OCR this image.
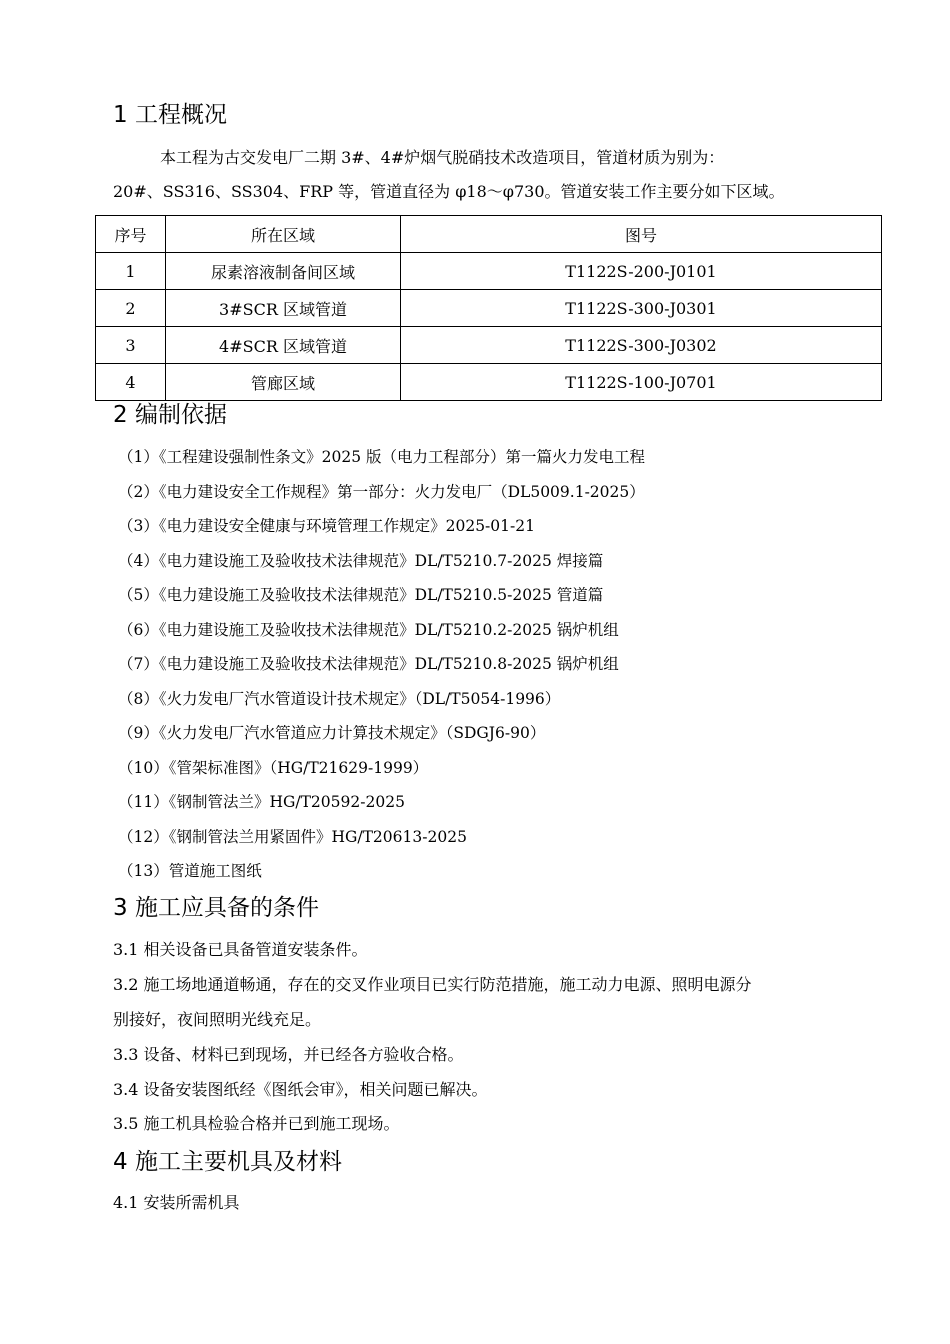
1 工程概况

本工程为古交发电厂二期 3#、4#炉烟气脱硝技术改造项目，管道材质为别为：

20#、SS316、SS304、FRP 等，管道直径为 φ18～φ730。管道安装工作主要分如下区域。

序号	所在区域	图号
1	尿素溶液制备间区域	T1122S-200-J0101
2	3#SCR 区域管道	T1122S-300-J0301
3	4#SCR 区域管道	T1122S-300-J0302
4	管廊区域	T1122S-100-J0701
2 编制依据
（1）《工程建设强制性条文》2025 版（电力工程部分）第一篇火力发电工程
（2）《电力建设安全工作规程》第一部分：火力发电厂（DL5009.1-2025）
（3）《电力建设安全健康与环境管理工作规定》2025-01-21
（4）《电力建设施工及验收技术法律规范》DL/T5210.7-2025 焊接篇
（5）《电力建设施工及验收技术法律规范》DL/T5210.5-2025 管道篇
（6）《电力建设施工及验收技术法律规范》DL/T5210.2-2025 锅炉机组
（7）《电力建设施工及验收技术法律规范》DL/T5210.8-2025 锅炉机组
（8）《火力发电厂汽水管道设计技术规定》（DL/T5054-1996）
（9）《火力发电厂汽水管道应力计算技术规定》（SDGJ6-90）
（10）《管架标准图》（HG/T21629-1999）
（11）《钢制管法兰》HG/T20592-2025
（12）《钢制管法兰用紧固件》HG/T20613-2025
（13）管道施工图纸
3 施工应具备的条件

3.1 相关设备已具备管道安装条件。

3.2 施工场地通道畅通，存在的交叉作业项目已实行防范措施，施工动力电源、照明电源分

别接好，夜间照明光线充足。

3.3 设备、材料已到现场，并已经各方验收合格。

3.4 设备安装图纸经《图纸会审》，相关问题已解决。

3.5 施工机具检验合格并已到施工现场。

4 施工主要机具及材料

4.1 安装所需机具
